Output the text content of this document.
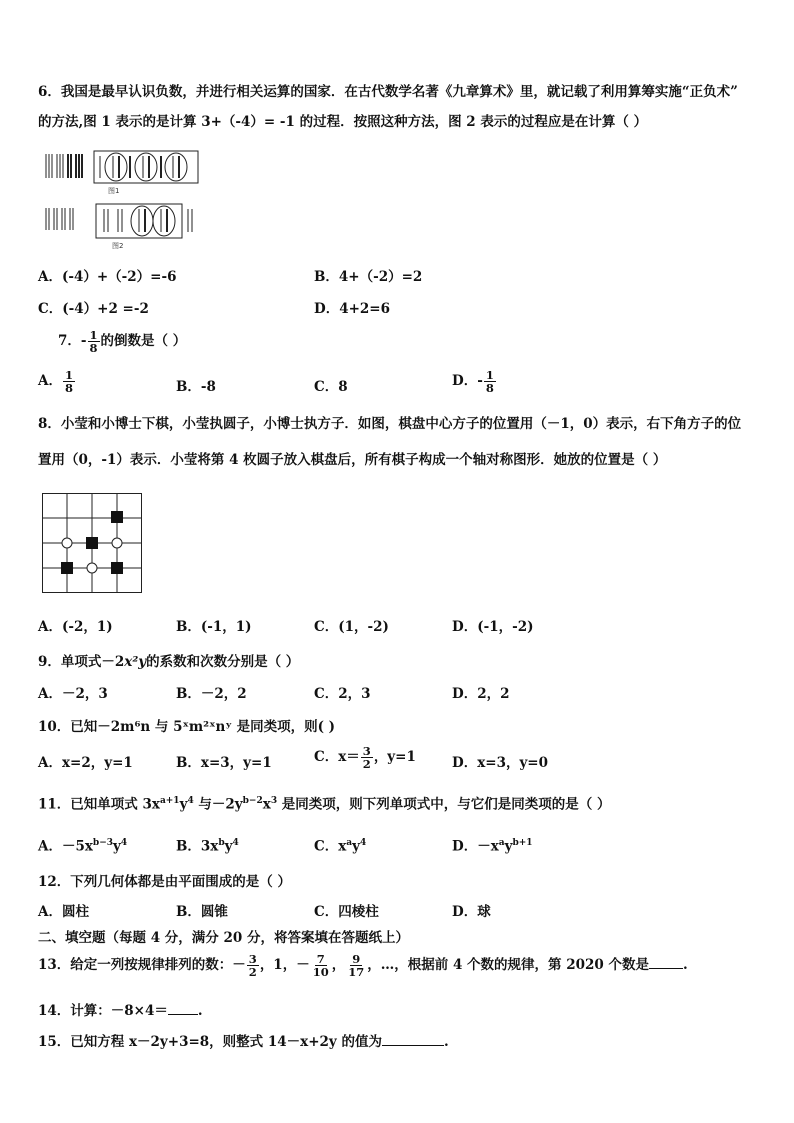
6．我国是最早认识负数，并进行相关运算的国家．在古代数学名著《九章算术》里，就记载了利用算筹实施“正负术”
的方法,图 1 表示的是计算 3+（-4）= -1 的过程．按照这种方法，图 2 表示的过程应是在计算（ ）
图1
图2
A．(-4）+（-2）=-6	B．4+（-2）=2
C．(-4）+2 =-2	D．4+2=6
7．- $\frac{1}{8}$ 的倒数是（ ）
A． $\frac{1}{8}$	B．-8	C．8	D．- $\frac{1}{8}$
8．小莹和小博士下棋，小莹执圆子，小博士执方子．如图，棋盘中心方子的位置用（－1，0）表示，右下角方子的位
置用（0，-1）表示．小莹将第 4 枚圆子放入棋盘后，所有棋子构成一个轴对称图形．她放的位置是（ ）
A．(-2，1)	B．(-1，1)	C．(1，-2)	D．(-1，-2)
9．单项式－2x²y的系数和次数分别是（ ）
A．－2，3	B．－2，2	C．2，3	D．2，2
10．已知－2m⁶n 与 5ˣm²ˣnʸ 是同类项，则( )
A．x=2，y=1	B．x=3，y=1	C．$x= \frac{3}{2}$ ，y=1	D．x=3，y=0
11．已知单项式 $3x^{a+1}y^4$ 与$-2y^{b-2}x^3$ 是同类项，则下列单项式中，与它们是同类项的是（ ）
A．$-5x^{b-3}y^4$	B．$3x^by^4$	C．$x^ay^4$	D．$-x^ay^{b+1}$
12．下列几何体都是由平面围成的是（ ）
A．圆柱	B．圆锥	C．四棱柱	D．球
二、填空题（每题 4 分，满分 20 分，将答案填在答题纸上）
13．给定一列按规律排列的数：－ $\frac{3}{2}$ ，1，－ $\frac{7}{10}$ ， $\frac{9}{17}$ ，…，根据前 4 个数的规律，第 2020 个数是	.
14．计算：－8×4＝ .
15．已知方程 x－2y+3=8，则整式 14－x+2y 的值为	.
